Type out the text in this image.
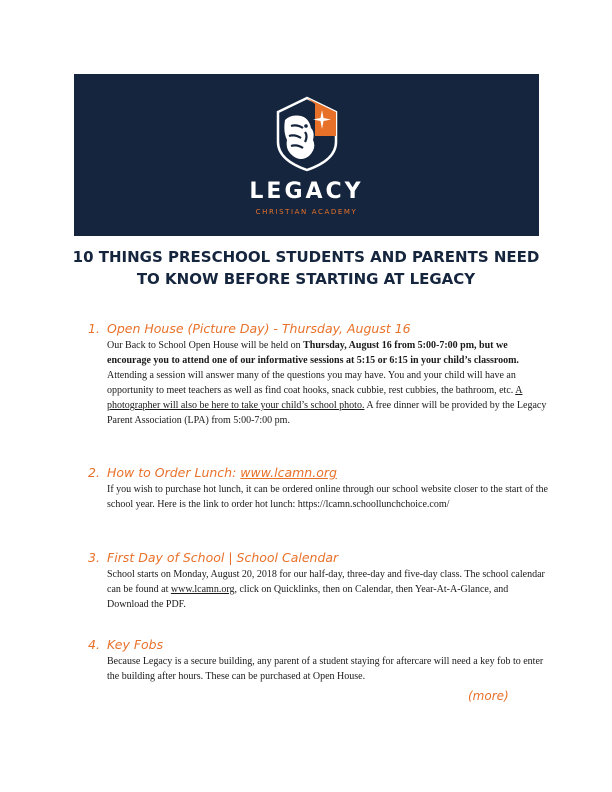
LEGACY
CHRISTIAN ACADEMY
10 THINGS PRESCHOOL STUDENTS AND PARENTS NEED
TO KNOW BEFORE STARTING AT LEGACY
1. Open House (Picture Day) - Thursday, August 16
Our Back to School Open House will be held on Thursday, August 16 from 5:00-7:00 pm, but we encourage you to attend one of our informative sessions at 5:15 or 6:15 in your child’s classroom. Attending a session will answer many of the questions you may have. You and your child will have an opportunity to meet teachers as well as find coat hooks, snack cubbie, rest cubbies, the bathroom, etc. A photographer will also be here to take your child’s school photo. A free dinner will be provided by the Legacy Parent Association (LPA) from 5:00-7:00 pm.
2. How to Order Lunch: www.lcamn.org
If you wish to purchase hot lunch, it can be ordered online through our school website closer to the start of the school year. Here is the link to order hot lunch: https://lcamn.schoollunchchoice.com/
3. First Day of School | School Calendar
School starts on Monday, August 20, 2018 for our half-day, three-day and five-day class. The school calendar can be found at www.lcamn.org, click on Quicklinks, then on Calendar, then Year-At-A-Glance, and Download the PDF.
4. Key Fobs
Because Legacy is a secure building, any parent of a student staying for aftercare will need a key fob to enter the building after hours. These can be purchased at Open House.
(more)
